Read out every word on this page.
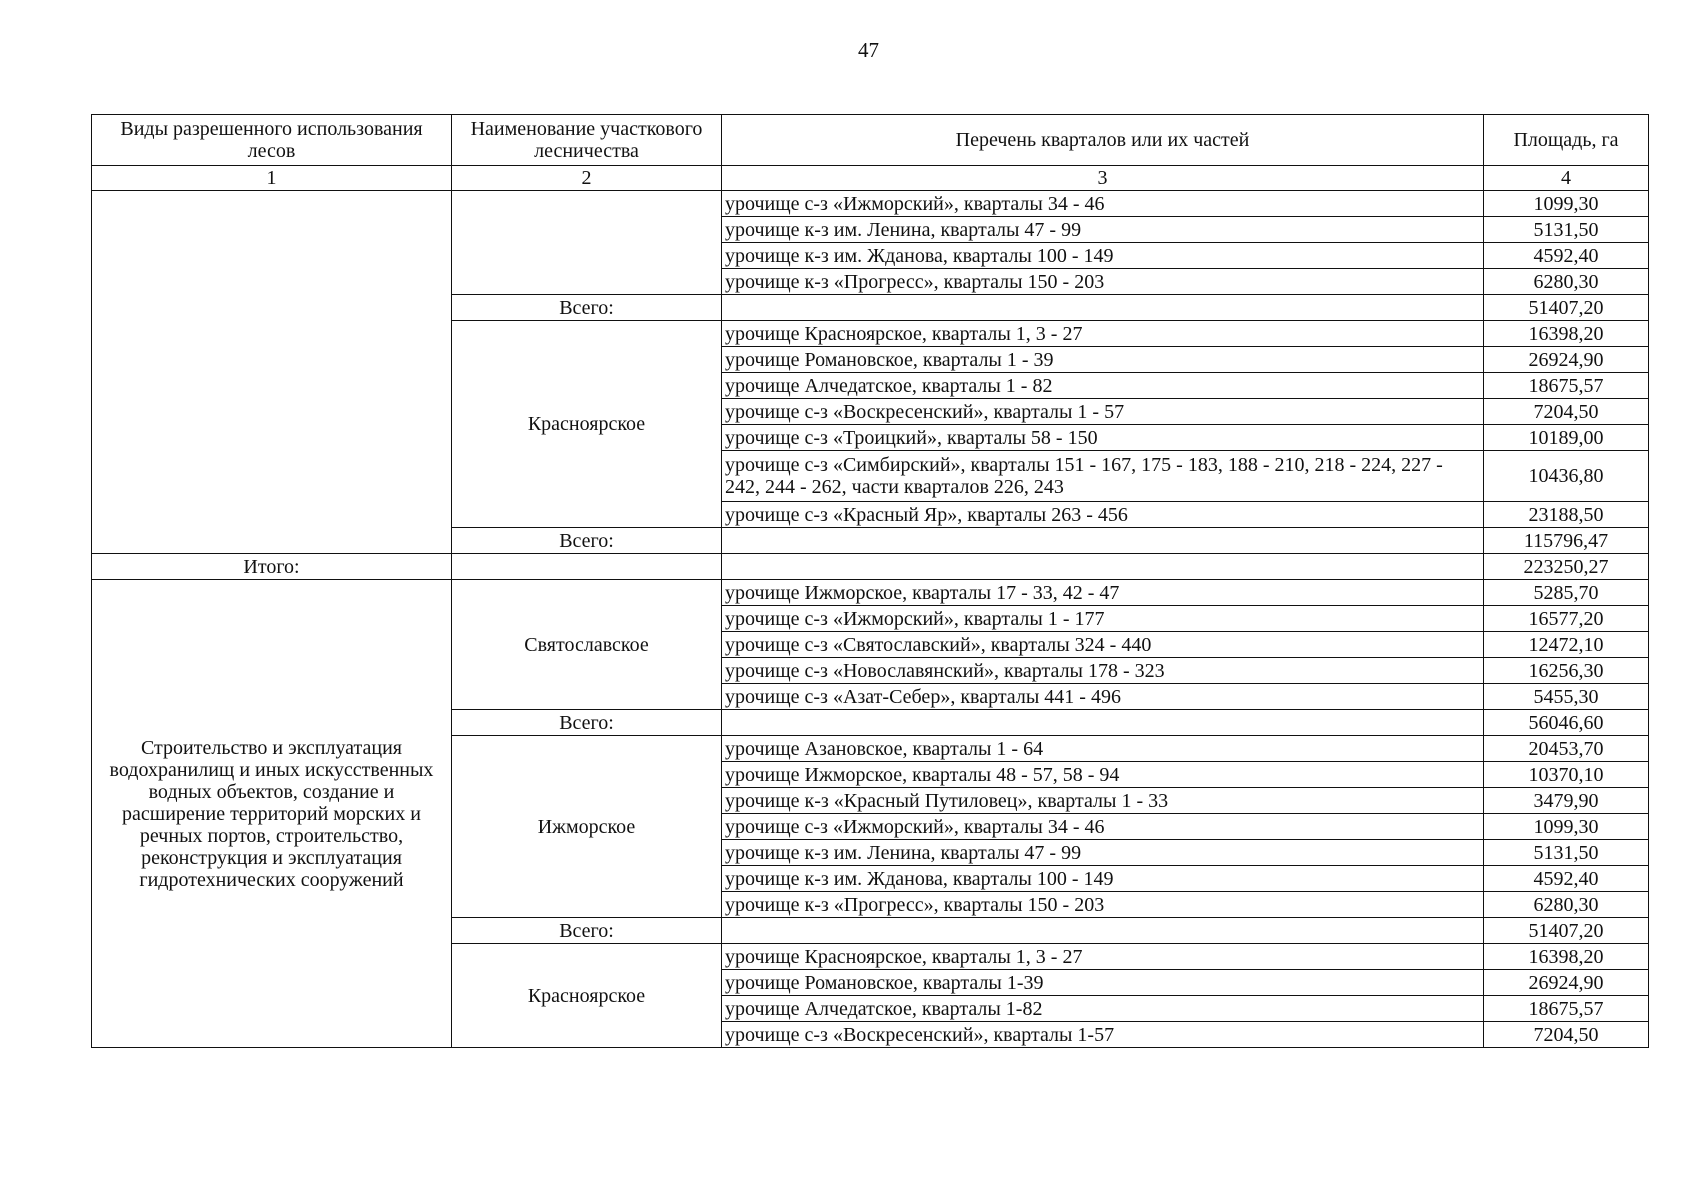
47
Виды разрешенного использования лесов	Наименование участкового лесничества	Перечень кварталов или их частей	Площадь, га
1	2	3	4
		урочище с-з «Ижморский», кварталы 34 - 46	1099,30
		урочище к-з им. Ленина, кварталы 47 - 99	5131,50
		урочище к-з им. Жданова, кварталы 100 - 149	4592,40
		урочище к-з «Прогресс», кварталы 150 - 203	6280,30
	Всего:		51407,20
	Красноярское	урочище Красноярское, кварталы 1, 3 - 27	16398,20
		урочище Романовское, кварталы 1 - 39	26924,90
		урочище Алчедатское, кварталы 1 - 82	18675,57
		урочище с-з «Воскресенский», кварталы 1 - 57	7204,50
		урочище с-з «Троицкий», кварталы 58 - 150	10189,00
		урочище с-з «Симбирский», кварталы 151 - 167, 175 - 183, 188 - 210, 218 - 224, 227 - 242, 244 - 262, части кварталов 226, 243	10436,80
		урочище с-з «Красный Яр», кварталы 263 - 456	23188,50
	Всего:		115796,47
Итого:			223250,27
Строительство и эксплуатация водохранилищ и иных искусственных водных объектов, создание и расширение территорий морских и речных портов, строительство, реконструкция и эксплуатация гидротехнических сооружений	Святославское	урочище Ижморское, кварталы 17 - 33, 42 - 47	5285,70
		урочище с-з «Ижморский», кварталы 1 - 177	16577,20
		урочище с-з «Святославский», кварталы 324 - 440	12472,10
		урочище с-з «Новославянский», кварталы 178 - 323	16256,30
		урочище с-з «Азат-Себер», кварталы 441 - 496	5455,30
	Всего:		56046,60
	Ижморское	урочище Азановское, кварталы 1 - 64	20453,70
		урочище Ижморское, кварталы 48 - 57, 58 - 94	10370,10
		урочище к-з «Красный Путиловец», кварталы 1 - 33	3479,90
		урочище с-з «Ижморский», кварталы 34 - 46	1099,30
		урочище к-з им. Ленина, кварталы 47 - 99	5131,50
		урочище к-з им. Жданова, кварталы 100 - 149	4592,40
		урочище к-з «Прогресс», кварталы 150 - 203	6280,30
	Всего:		51407,20
	Красноярское	урочище Красноярское, кварталы 1, 3 - 27	16398,20
		урочище Романовское, кварталы 1-39	26924,90
		урочище Алчедатское, кварталы 1-82	18675,57
		урочище с-з «Воскресенский», кварталы 1-57	7204,50
